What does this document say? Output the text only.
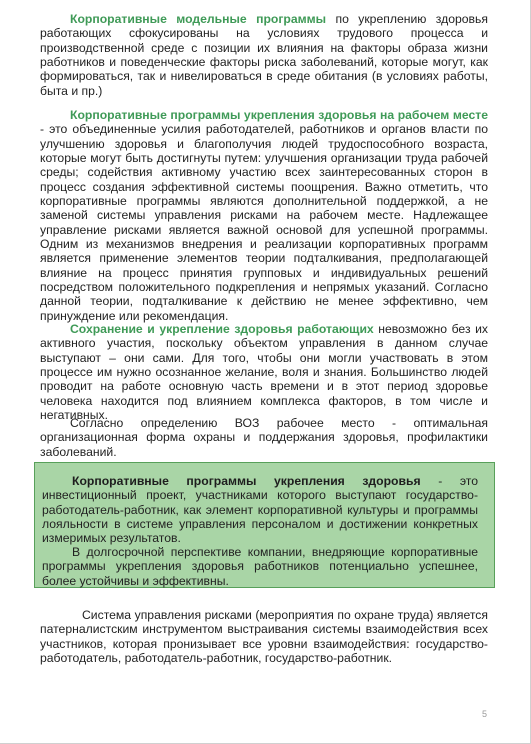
Корпоративные модельные программы по укреплению здоровья работающих сфокусированы на условиях трудового процесса и производственной среде с позиции их влияния на факторы образа жизни работников и поведенческие факторы риска заболеваний, которые могут, как формироваться, так и нивелироваться в среде обитания (в условиях работы, быта и пр.)

Корпоративные программы укрепления здоровья на рабочем месте - это объединенные усилия работодателей, работников и органов власти по улучшению здоровья и благополучия людей трудоспособного возраста, которые могут быть достигнуты путем: улучшения организации труда рабочей среды; содействия активному участию всех заинтересованных сторон в процесс создания эффективной системы поощрения. Важно отметить, что корпоративные программы являются дополнительной поддержкой, а не заменой системы управления рисками на рабочем месте. Надлежащее управление рисками является важной основой для успешной программы. Одним из механизмов внедрения и реализации корпоративных программ является применение элементов теории подталкивания, предполагающей влияние на процесс принятия групповых и индивидуальных решений посредством положительного подкрепления и непрямых указаний. Согласно данной теории, подталкивание к действию не менее эффективно, чем принуждение или рекомендация.

Сохранение и укрепление здоровья работающих невозможно без их активного участия, поскольку объектом управления в данном случае выступают – они сами. Для того, чтобы они могли участвовать в этом процессе им нужно осознанное желание, воля и знания. Большинство людей проводит на работе основную часть времени и в этот период здоровье человека находится под влиянием комплекса факторов, в том числе и негативных.

Согласно определению ВОЗ рабочее место - оптимальная организационная форма охраны и поддержания здоровья, профилактики заболеваний.

Корпоративные программы укрепления здоровья - это инвестиционный проект, участниками которого выступают государство-работодатель-работник, как элемент корпоративной культуры и программы лояльности в системе управления персоналом и достижении конкретных измеримых результатов.

В долгосрочной перспективе компании, внедряющие корпоративные программы укрепления здоровья работников потенциально успешнее, более устойчивы и эффективны.

Система управления рисками (мероприятия по охране труда) является патерналистским инструментом выстраивания системы взаимодействия всех участников, которая пронизывает все уровни взаимодействия: государство-работодатель, работодатель-работник, государство-работник.

5
